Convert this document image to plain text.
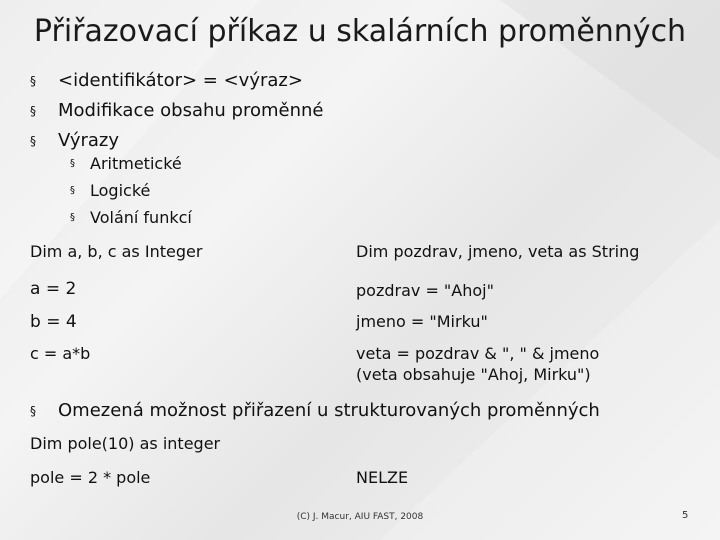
Přiřazovací příkaz u skalárních proměnných
§ <identifikátor> = <výraz>
§ Modifikace obsahu proměnné
§ Výrazy
§ Aritmetické
§ Logické
§ Volání funkcí
Dim a, b, c as Integer
a = 2
b = 4
c = a*b
Dim pozdrav, jmeno, veta as String
pozdrav = "Ahoj"
jmeno = "Mirku"
veta = pozdrav & ", " & jmeno
(veta obsahuje "Ahoj, Mirku")
§ Omezená možnost přiřazení u strukturovaných proměnných
Dim pole(10) as integer
pole = 2 * pole	NELZE
(C) J. Macur, AIU FAST, 2008	5
